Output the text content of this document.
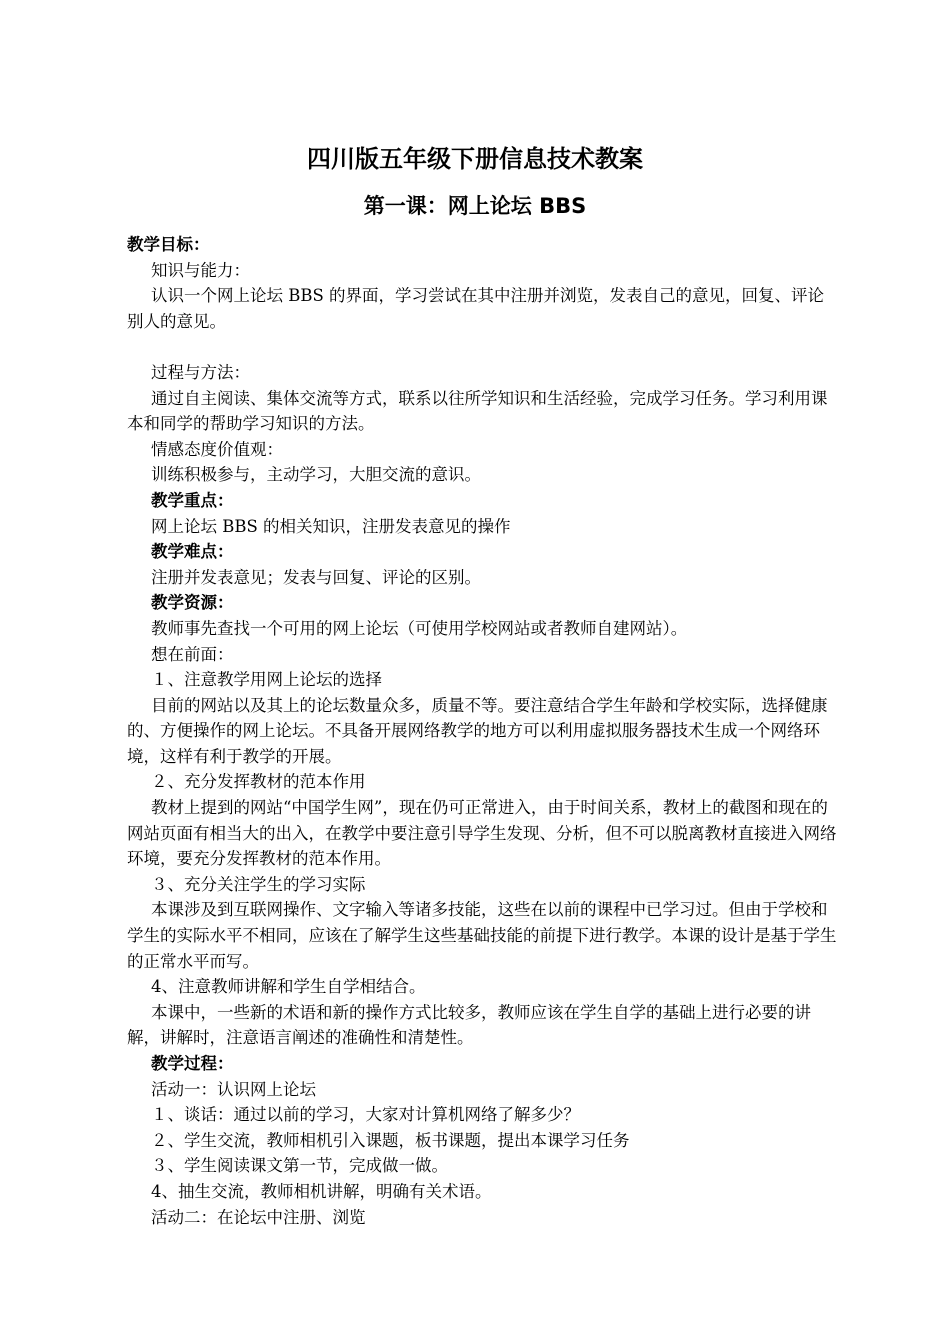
四川版五年级下册信息技术教案
第一课：网上论坛 BBS

教学目标：

知识与能力：

认识一个网上论坛 BBS 的界面，学习尝试在其中注册并浏览，发表自己的意见，回复、评论别人的意见。

过程与方法：

通过自主阅读、集体交流等方式，联系以往所学知识和生活经验，完成学习任务。学习利用课本和同学的帮助学习知识的方法。

情感态度价值观：

训练积极参与，主动学习，大胆交流的意识。

教学重点：

网上论坛 BBS 的相关知识，注册发表意见的操作

教学难点：

注册并发表意见；发表与回复、评论的区别。

教学资源：

教师事先查找一个可用的网上论坛（可使用学校网站或者教师自建网站）。

想在前面：

１、注意教学用网上论坛的选择

目前的网站以及其上的论坛数量众多，质量不等。要注意结合学生年龄和学校实际，选择健康的、方便操作的网上论坛。不具备开展网络教学的地方可以利用虚拟服务器技术生成一个网络环境，这样有利于教学的开展。

２、充分发挥教材的范本作用

教材上提到的网站“中国学生网”，现在仍可正常进入，由于时间关系，教材上的截图和现在的网站页面有相当大的出入，在教学中要注意引导学生发现、分析，但不可以脱离教材直接进入网络环境，要充分发挥教材的范本作用。

３、充分关注学生的学习实际

本课涉及到互联网操作、文字输入等诸多技能，这些在以前的课程中已学习过。但由于学校和学生的实际水平不相同，应该在了解学生这些基础技能的前提下进行教学。本课的设计是基于学生的正常水平而写。

4、注意教师讲解和学生自学相结合。

本课中，一些新的术语和新的操作方式比较多，教师应该在学生自学的基础上进行必要的讲解，讲解时，注意语言阐述的准确性和清楚性。

教学过程：

活动一：认识网上论坛

１、谈话：通过以前的学习，大家对计算机网络了解多少？

２、学生交流，教师相机引入课题，板书课题，提出本课学习任务

３、学生阅读课文第一节，完成做一做。

4、抽生交流，教师相机讲解，明确有关术语。

活动二：在论坛中注册、浏览
